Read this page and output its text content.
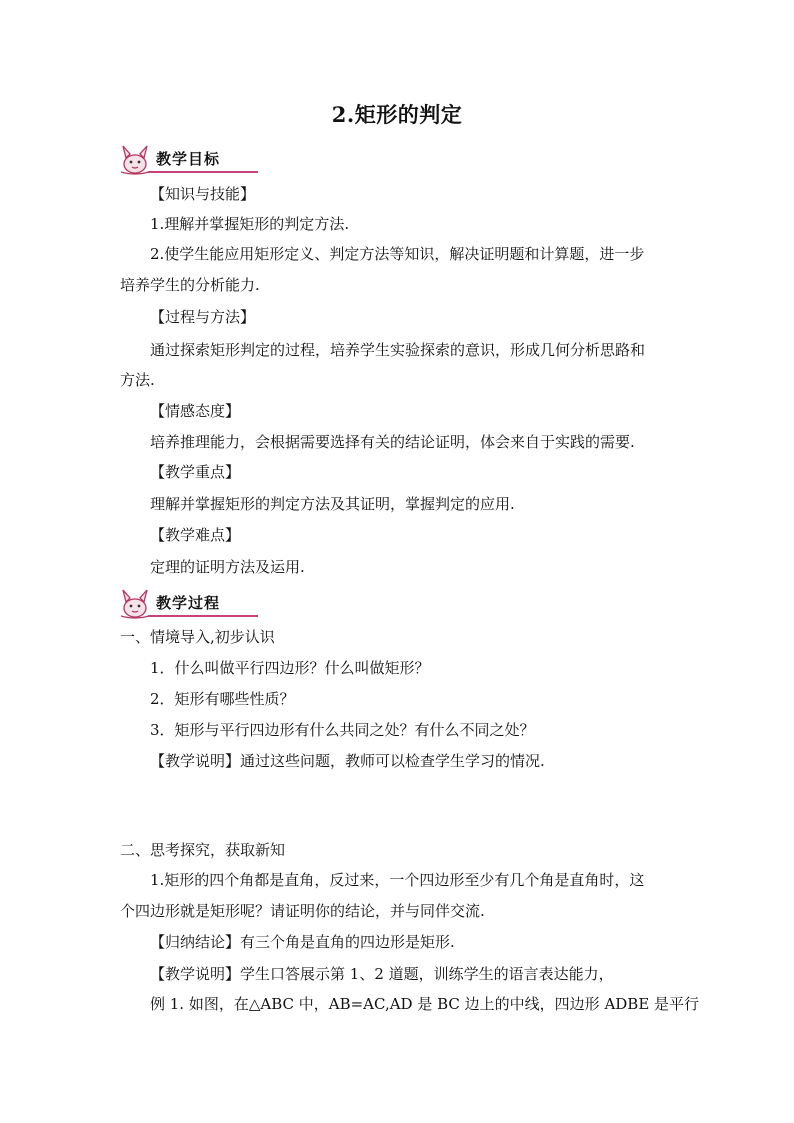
2.矩形的判定
教学目标
【知识与技能】
1.理解并掌握矩形的判定方法.
2.使学生能应用矩形定义、判定方法等知识，解决证明题和计算题，进一步
培养学生的分析能力.
【过程与方法】
通过探索矩形判定的过程，培养学生实验探索的意识，形成几何分析思路和
方法.
【情感态度】
培养推理能力，会根据需要选择有关的结论证明，体会来自于实践的需要.
【教学重点】
理解并掌握矩形的判定方法及其证明，掌握判定的应用.
【教学难点】
定理的证明方法及运用.
教学过程
一、情境导入,初步认识
1．什么叫做平行四边形？什么叫做矩形？
2．矩形有哪些性质？
3．矩形与平行四边形有什么共同之处？有什么不同之处？
【教学说明】通过这些问题，教师可以检查学生学习的情况.
二、思考探究，获取新知
1.矩形的四个角都是直角，反过来，一个四边形至少有几个角是直角时，这
个四边形就是矩形呢？请证明你的结论，并与同伴交流.
【归纳结论】有三个角是直角的四边形是矩形.
【教学说明】学生口答展示第 1、2 道题，训练学生的语言表达能力，
例 1. 如图，在△ABC 中，AB=AC,AD 是 BC 边上的中线，四边形 ADBE 是平行
